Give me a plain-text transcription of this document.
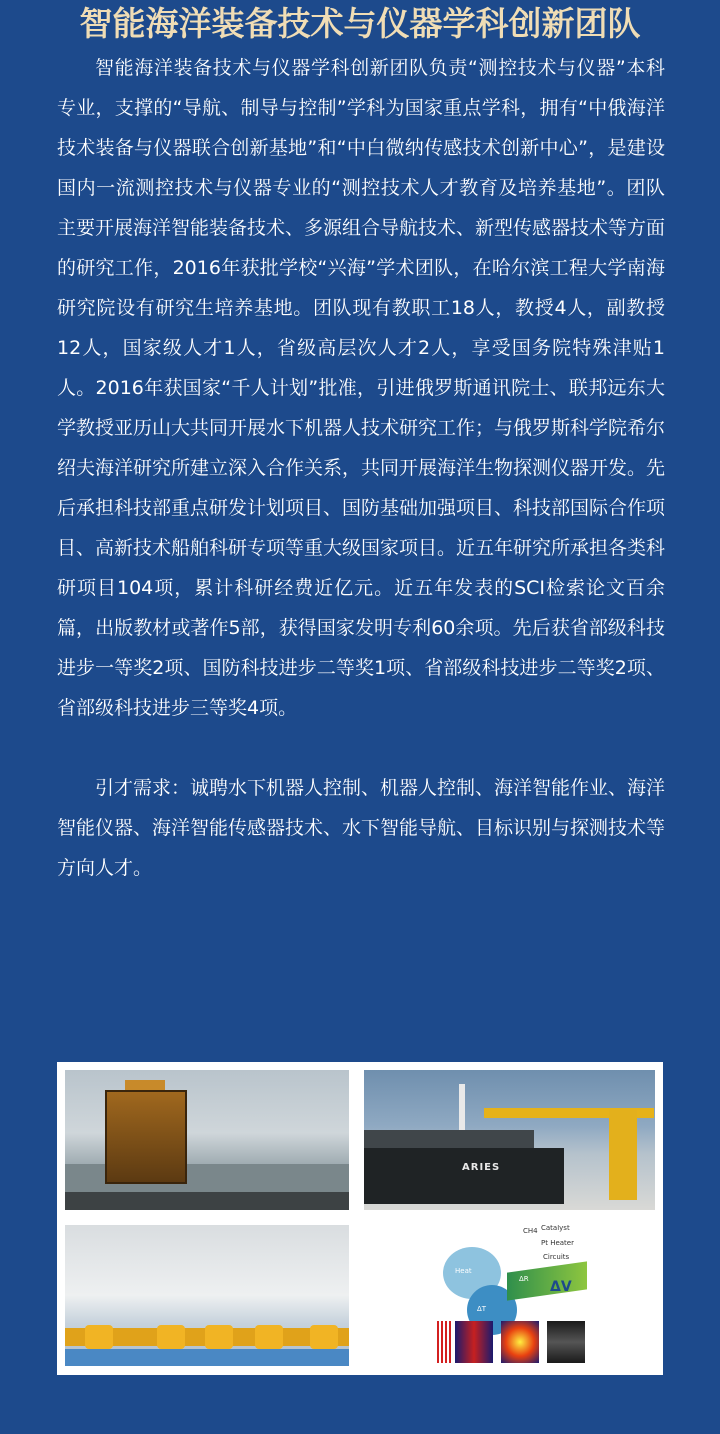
智能海洋装备技术与仪器学科创新团队

智能海洋装备技术与仪器学科创新团队负责“测控技术与仪器”本科专业，支撑的“导航、制导与控制”学科为国家重点学科，拥有“中俄海洋技术装备与仪器联合创新基地”和“中白微纳传感技术创新中心”，是建设国内一流测控技术与仪器专业的“测控技术人才教育及培养基地”。团队主要开展海洋智能装备技术、多源组合导航技术、新型传感器技术等方面的研究工作，2016年获批学校“兴海”学术团队，在哈尔滨工程大学南海研究院设有研究生培养基地。团队现有教职工18人，教授4人，副教授12人，国家级人才1人，省级高层次人才2人，享受国务院特殊津贴1人。2016年获国家“千人计划”批准，引进俄罗斯通讯院士、联邦远东大学教授亚历山大共同开展水下机器人技术研究工作；与俄罗斯科学院希尔绍夫海洋研究所建立深入合作关系，共同开展海洋生物探测仪器开发。先后承担科技部重点研发计划项目、国防基础加强项目、科技部国际合作项目、高新技术船舶科研专项等重大级国家项目。近五年研究所承担各类科研项目104项，累计科研经费近亿元。近五年发表的SCI检索论文百余篇，出版教材或著作5部，获得国家发明专利60余项。先后获省部级科技进步一等奖2项、国防科技进步二等奖1项、省部级科技进步二等奖2项、省部级科技进步三等奖4项。

引才需求：诚聘水下机器人控制、机器人控制、海洋智能作业、海洋智能仪器、海洋智能传感器技术、水下智能导航、目标识别与探测技术等方向人才。

ARIES
Heat
ΔT
ΔR ΔV
CH4 Catalyst
Pt Heater
Circuits
